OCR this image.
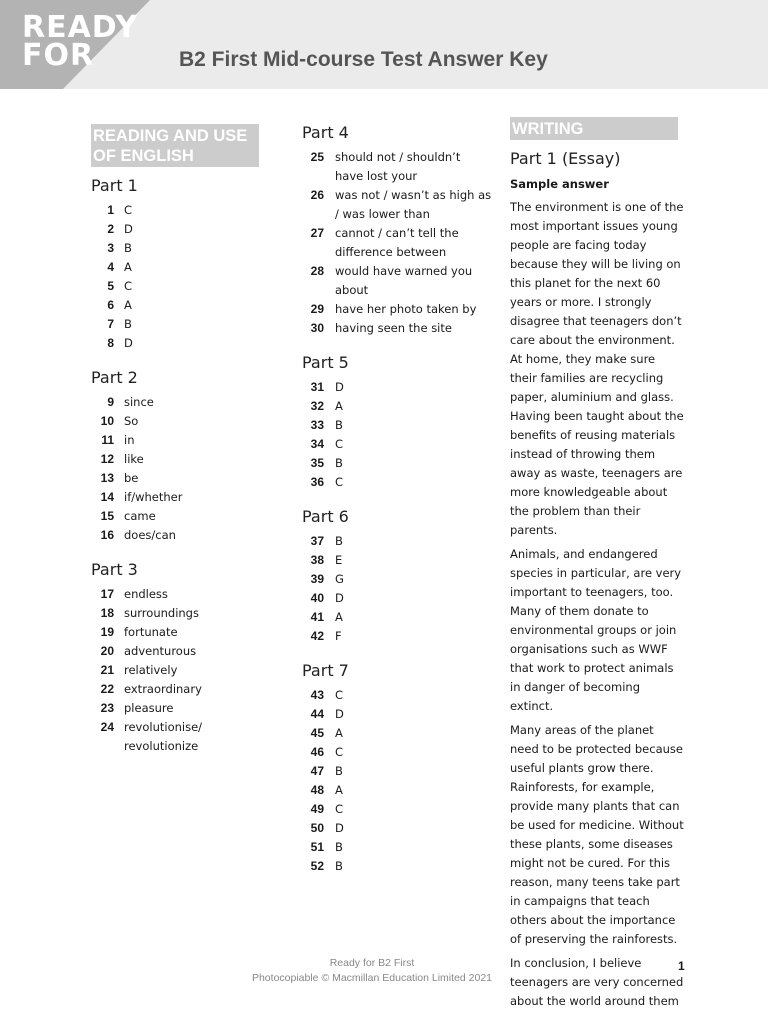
READY
FOR	B2 First Mid-course Test Answer Key
READING AND USE OF ENGLISH
Part 1
1 C
2 D
3 B
4 A
5 C
6 A
7 B
8 D
Part 2
9 since
10 So
11 in
12 like
13 be
14 if/whether
15 came
16 does/can
Part 3
17 endless
18 surroundings
19 fortunate
20 adventurous
21 relatively
22 extraordinary
23 pleasure
24 revolutionise/ revolutionize
Part 4
25 should not / shouldn’t have lost your
26 was not / wasn’t as high as / was lower than
27 cannot / can’t tell the difference between
28 would have warned you about
29 have her photo taken by
30 having seen the site
Part 5
31 D
32 A
33 B
34 C
35 B
36 C
Part 6
37 B
38 E
39 G
40 D
41 A
42 F
Part 7
43 C
44 D
45 A
46 C
47 B
48 A
49 C
50 D
51 B
52 B
WRITING
Part 1 (Essay)
Sample answer

The environment is one of the most important issues young people are facing today because they will be living on this planet for the next 60 years or more. I strongly disagree that teenagers don’t care about the environment. At home, they make sure their families are recycling paper, aluminium and glass. Having been taught about the benefits of reusing materials instead of throwing them away as waste, teenagers are more knowledgeable about the problem than their parents.

Animals, and endangered species in particular, are very important to teenagers, too. Many of them donate to environmental groups or join organisations such as WWF that work to protect animals in danger of becoming extinct.

Many areas of the planet need to be protected because useful plants grow there. Rainforests, for example, provide many plants that can be used for medicine. Without these plants, some diseases might not be cured. For this reason, many teens take part in campaigns that teach others about the importance of preserving the rainforests.

In conclusion, I believe teenagers are very concerned about the world around them

Ready for B2 First
Photocopiable © Macmillan Education Limited 2021
1
